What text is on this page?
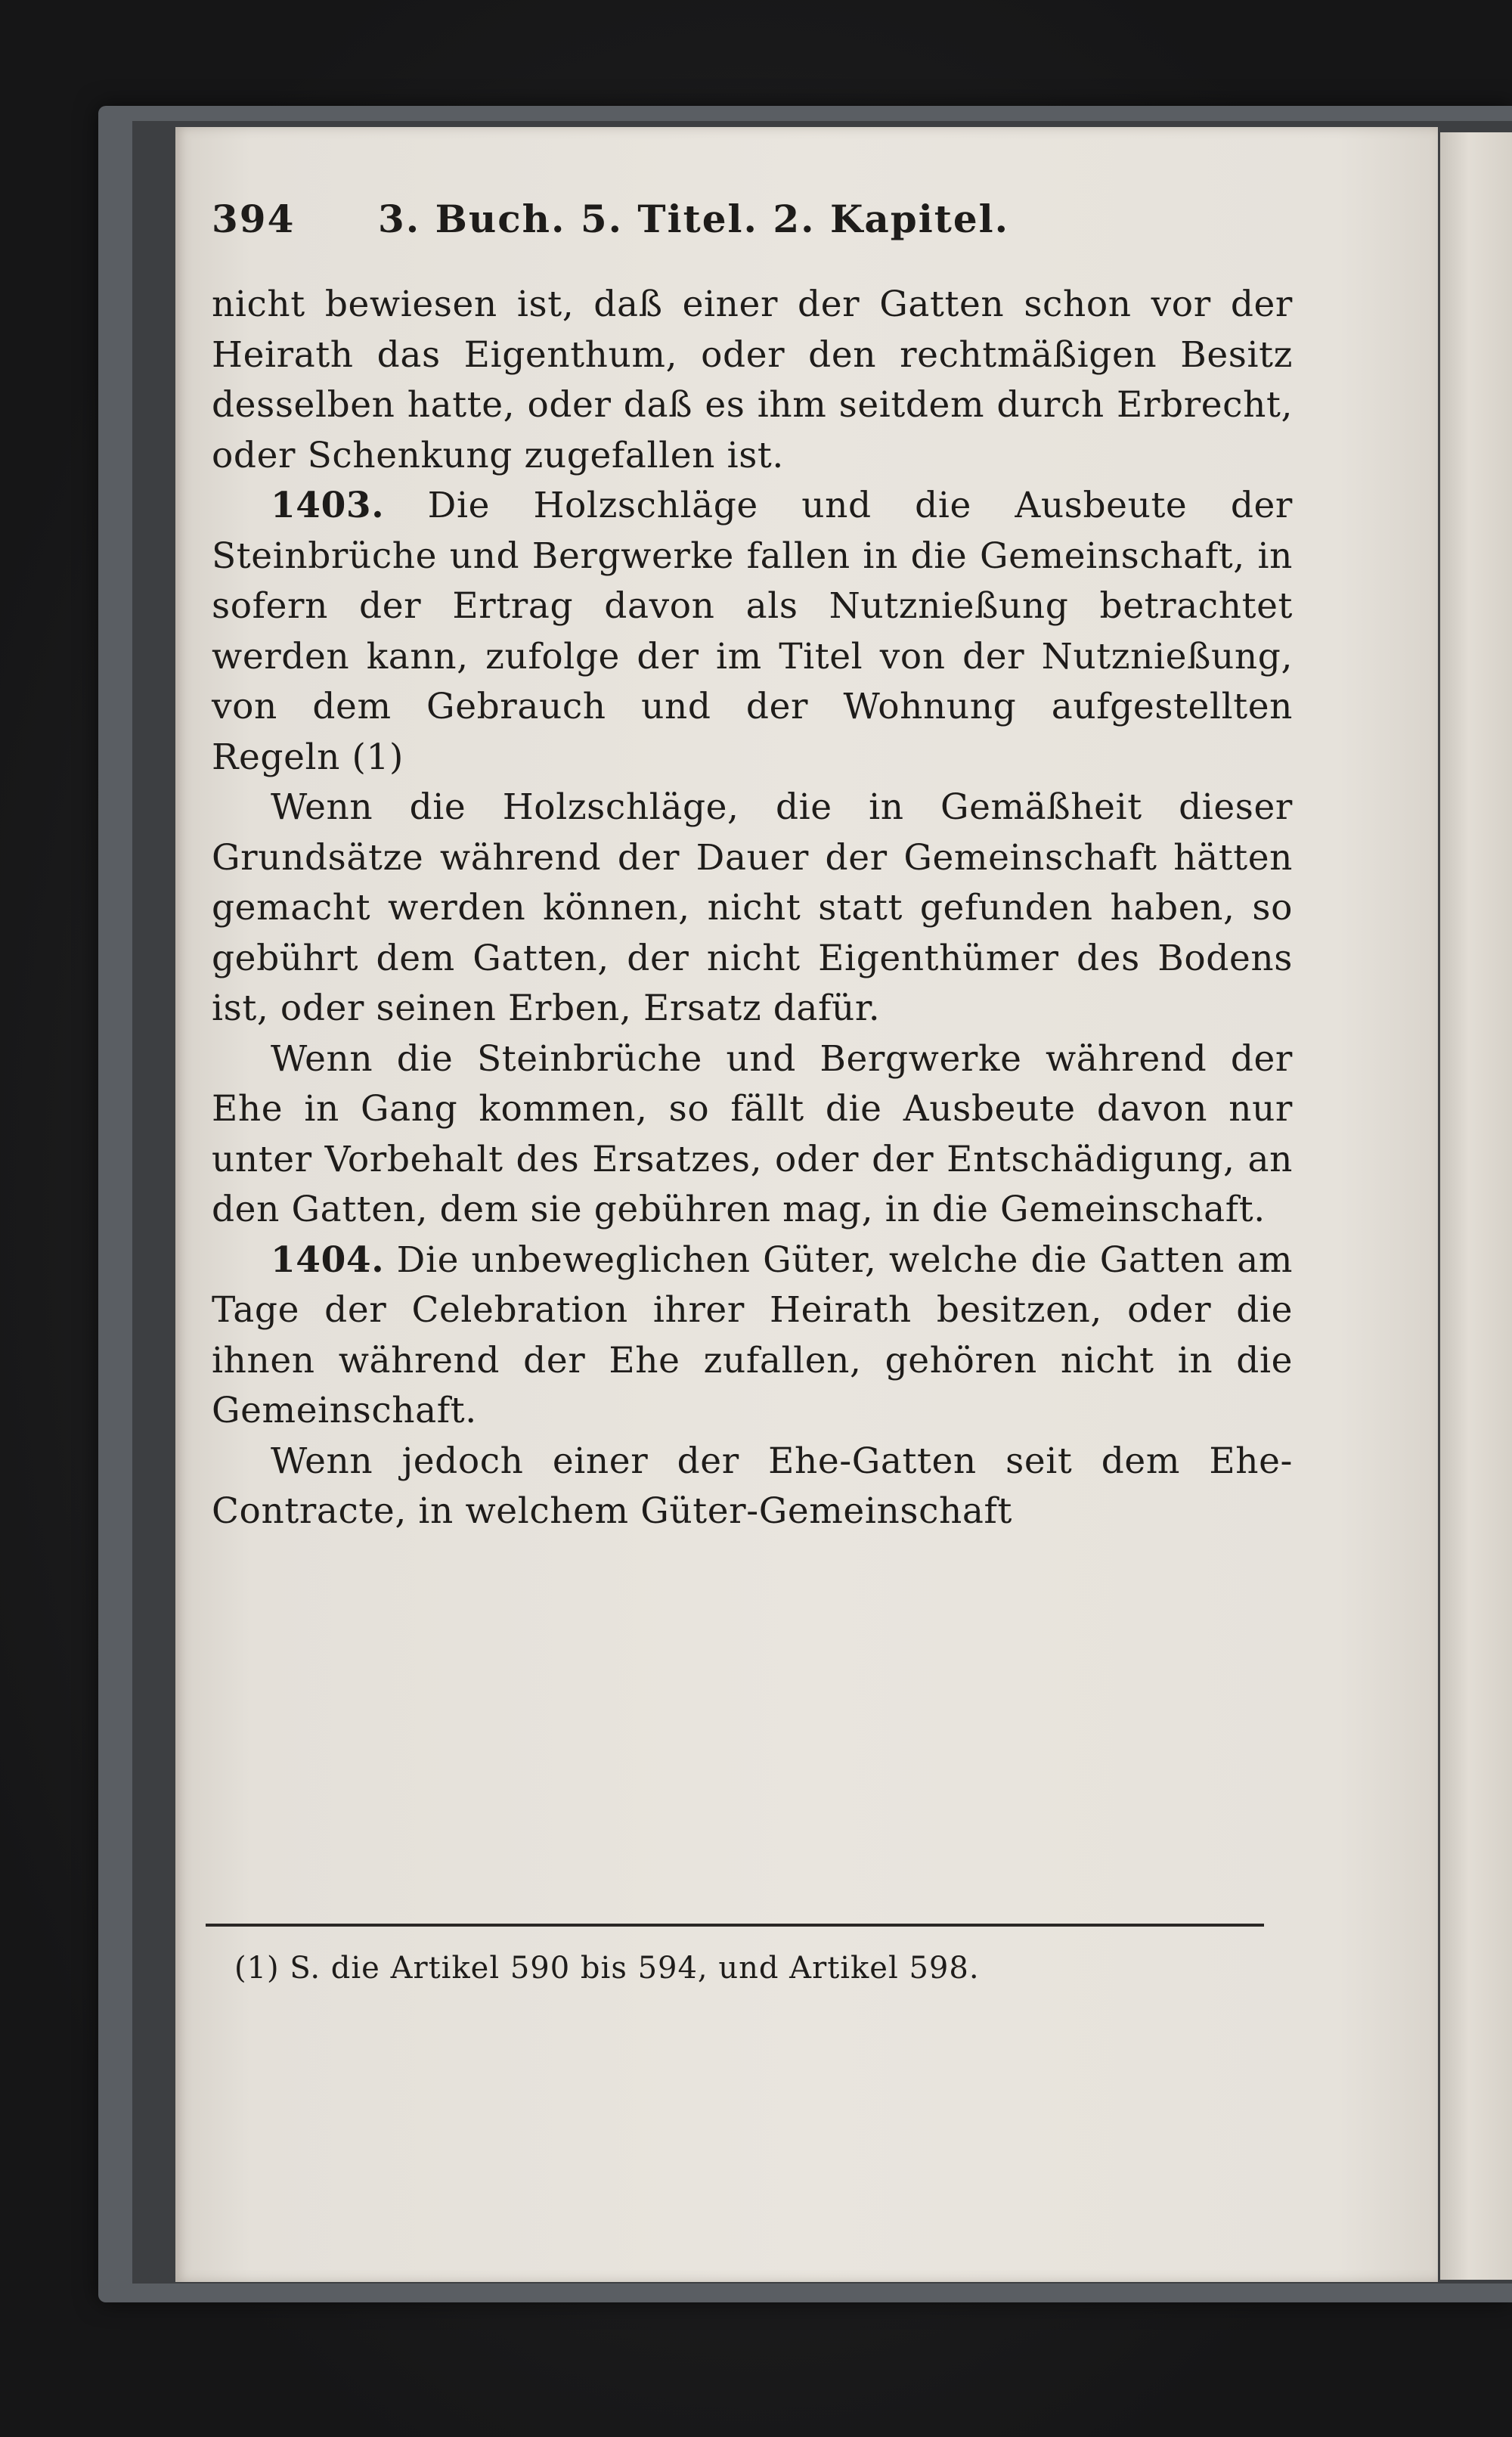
394	3. Buch. 5. Titel. 2. Kapitel.

nicht bewiesen ist, daß einer der Gatten schon vor der Heirath das Eigenthum, oder den rechtmäßigen Besitz desselben hatte, oder daß es ihm seitdem durch Erbrecht, oder Schenkung zugefallen ist.

1403. Die Holzschläge und die Ausbeute der Steinbrüche und Bergwerke fallen in die Gemeinschaft, in sofern der Ertrag davon als Nutznießung betrachtet werden kann, zufolge der im Titel von der Nutznießung, von dem Gebrauch und der Wohnung aufgestellten Regeln (1)

Wenn die Holzschläge, die in Gemäßheit dieser Grundsätze während der Dauer der Gemeinschaft hätten gemacht werden können, nicht statt gefunden haben, so gebührt dem Gatten, der nicht Eigenthümer des Bodens ist, oder seinen Erben, Ersatz dafür.

Wenn die Steinbrüche und Bergwerke während der Ehe in Gang kommen, so fällt die Ausbeute davon nur unter Vorbehalt des Ersatzes, oder der Entschädigung, an den Gatten, dem sie gebühren mag, in die Gemeinschaft.

1404. Die unbeweglichen Güter, welche die Gatten am Tage der Celebration ihrer Heirath besitzen, oder die ihnen während der Ehe zufallen, gehören nicht in die Gemeinschaft.

Wenn jedoch einer der Ehe-Gatten seit dem Ehe-Contracte, in welchem Güter-Gemeinschaft

(1) S. die Artikel 590 bis 594, und Artikel 598.
